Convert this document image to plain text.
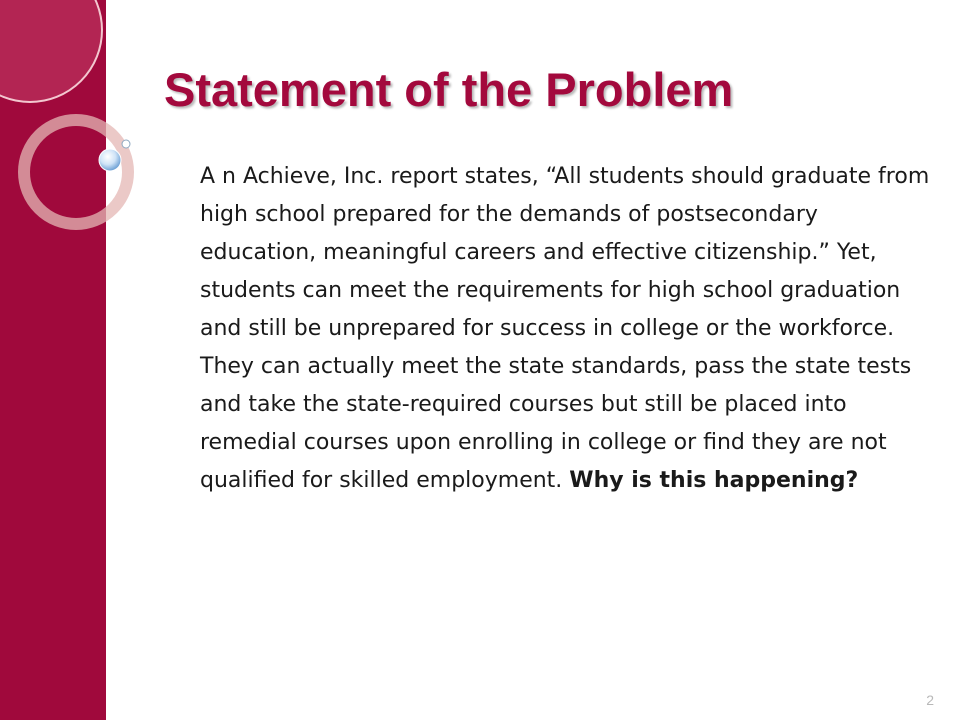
Statement of the Problem

A n Achieve, Inc. report states, “All students should graduate from high school prepared for the demands of postsecondary education, meaningful careers and effective citizenship.” Yet, students can meet the requirements for high school graduation and still be unprepared for success in college or the workforce. They can actually meet the state standards, pass the state tests and take the state-required courses but still be placed into remedial courses upon enrolling in college or find they are not qualified for skilled employment. Why is this happening?

2
